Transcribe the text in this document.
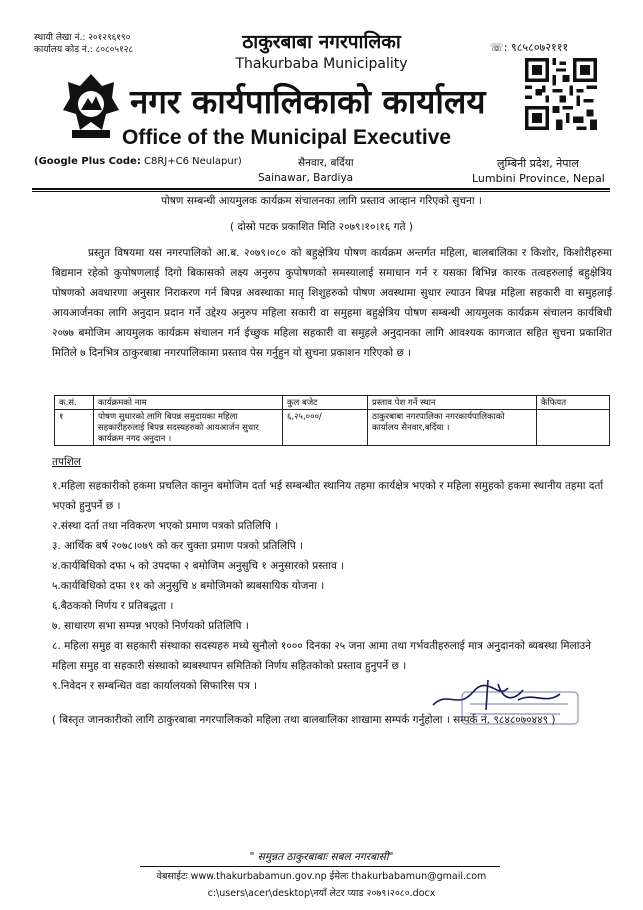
स्थायी लेखा नं.: २०१२९६१९०
कार्यालय कोड नं.: ८०८०५१२८	☏: ९८५८०७२१११
ठाकुरबाबा नगरपालिका
Thakurbaba Municipality
नगर कार्यपालिकाको कार्यालय
Office of the Municipal Executive
(Google Plus Code: C8RJ+C6 Neulapur)	सैनवार, बर्दिया
Sainawar, Bardiya
लुम्बिनी प्रदेश, नेपाल
Lumbini Province, Nepal
पोषण सम्बन्धी आयमुलक कार्यक्रम संचालनका लागि प्रस्ताव आव्हान गरिएको सुचना ।
( दोस्रो पटक प्रकाशित मिति २०७९।१०।१६ गते )

प्रस्तुत विषयमा यस नगरपालिको आ.ब. २०७९।०८० को बहुक्षेत्रिय पोषण कार्यक्रम अन्तर्गत महिला, बालबालिका र किशोर, किशोरीहरुमा बिद्यमान रहेको कुपोषणलाई दिगो बिकासको लक्ष्य अनुरुप कुपोषणको समस्यालाई समाधान गर्न र यसका बिभिन्न कारक तत्वहरुलाई बहुक्षेत्रिय पोषणको अवधारणा अनुसार निराकरण गर्न बिपन्न अवस्थाका मातृ शिशुहरुको पोषण अवस्थामा सुधार ल्याउन बिपन्न महिला सहकारी वा समुहलाई आयआर्जनका लागि अनुदान प्रदान गर्ने उद्देश्य अनुरुप महिला सकारी वा समुहमा बहुक्षेत्रिय पोषण सम्बन्धी आयमुलक कार्यक्रम संचालन कार्यबिधी २०७७ बमोजिम आयमुलक कार्यक्रम संचालन गर्न ईच्छुक महिला सहकारी वा समुहले अनुदानका लागि आवश्यक कागजात सहित सुचना प्रकाशित मितिले ७ दिनभित्र ठाकुरबाबा नगरपालिकामा प्रस्ताव पेस गर्नुहुन यो सुचना प्रकाशन गरिएको छ ।

क.सं.	कार्यक्रमको नाम	कुल बजेट	प्रस्ताव पेश गर्ने स्थान	कैफियत
१	पोषण सुधारको लागि बिपन्न समुदायका महिला सहकारीहरुलाई बिपन्न सदस्यहरुको आयआर्जन सुधार कार्यक्रम नगद अनुदान ।	६,२५,०००/	ठाकुरबाबा नगरपालिका नगरकार्यपालिकाको कार्यालय सैनवार,बर्दिया ।	
तपशिल
१.महिला सहकारीको हकमा प्रचलित कानुन बमोजिम दर्ता भई सम्बन्धीत स्थानिय तहमा कार्यक्षेत्र भएको र महिला समुहको हकमा स्थानीय तहमा दर्ता भएको हुनुपर्ने छ ।
२.संस्था दर्ता तथा नविकरण भएको प्रमाण पत्रको प्रतिलिपि ।
३. आर्थिक बर्ष २०७८।०७९ को कर चुक्ता प्रमाण पत्रको प्रतिलिपि ।
४.कार्यबिधिको दफा ५ को उपदफा २ बमोजिम अनुसुचि १ अनुसारको प्रस्ताव ।
५.कार्यबिधिको दफा ११ को अनुसुचि ४ बमोजिमको ब्यबसायिक योजना ।
६.बैठकको निर्णय र प्रतिबद्धता ।
७. साधारण सभा सम्पन्न भएको निर्णयको प्रतिलिपि ।
८. महिला समुह वा सहकारी संस्थाका सदस्यहरु मध्ये सुनौलो १००० दिनका २५ जना आमा तथा गर्भवतीहरुलाई मात्र अनुदानको ब्यबस्था मिलाउने महिला समुह वा सहकारी संस्थाको ब्यबस्थापन समितिको निर्णय सहितकोको प्रस्ताव हुनुपर्ने छ ।
९.निवेदन र सम्बन्धित वडा कार्यालयको सिफारिस पत्र ।
( बिस्तृत जानकारीको लागि ठाकुरबाबा नगरपालिकको महिला तथा बालबालिका शाखामा सम्पर्क गर्नुहोला । सम्पर्क नं. ९८४८०७०४४९ )
" समुन्नत ठाकुरबाबाः सबल नगरबासी"
वेबसाईटः www.thakurbabamun.gov.np ईमेलः thakurbabamun@gmail.com
c:\users\acer\desktop\नयाँ लेटर प्याड २०७९।२०८०.docx
